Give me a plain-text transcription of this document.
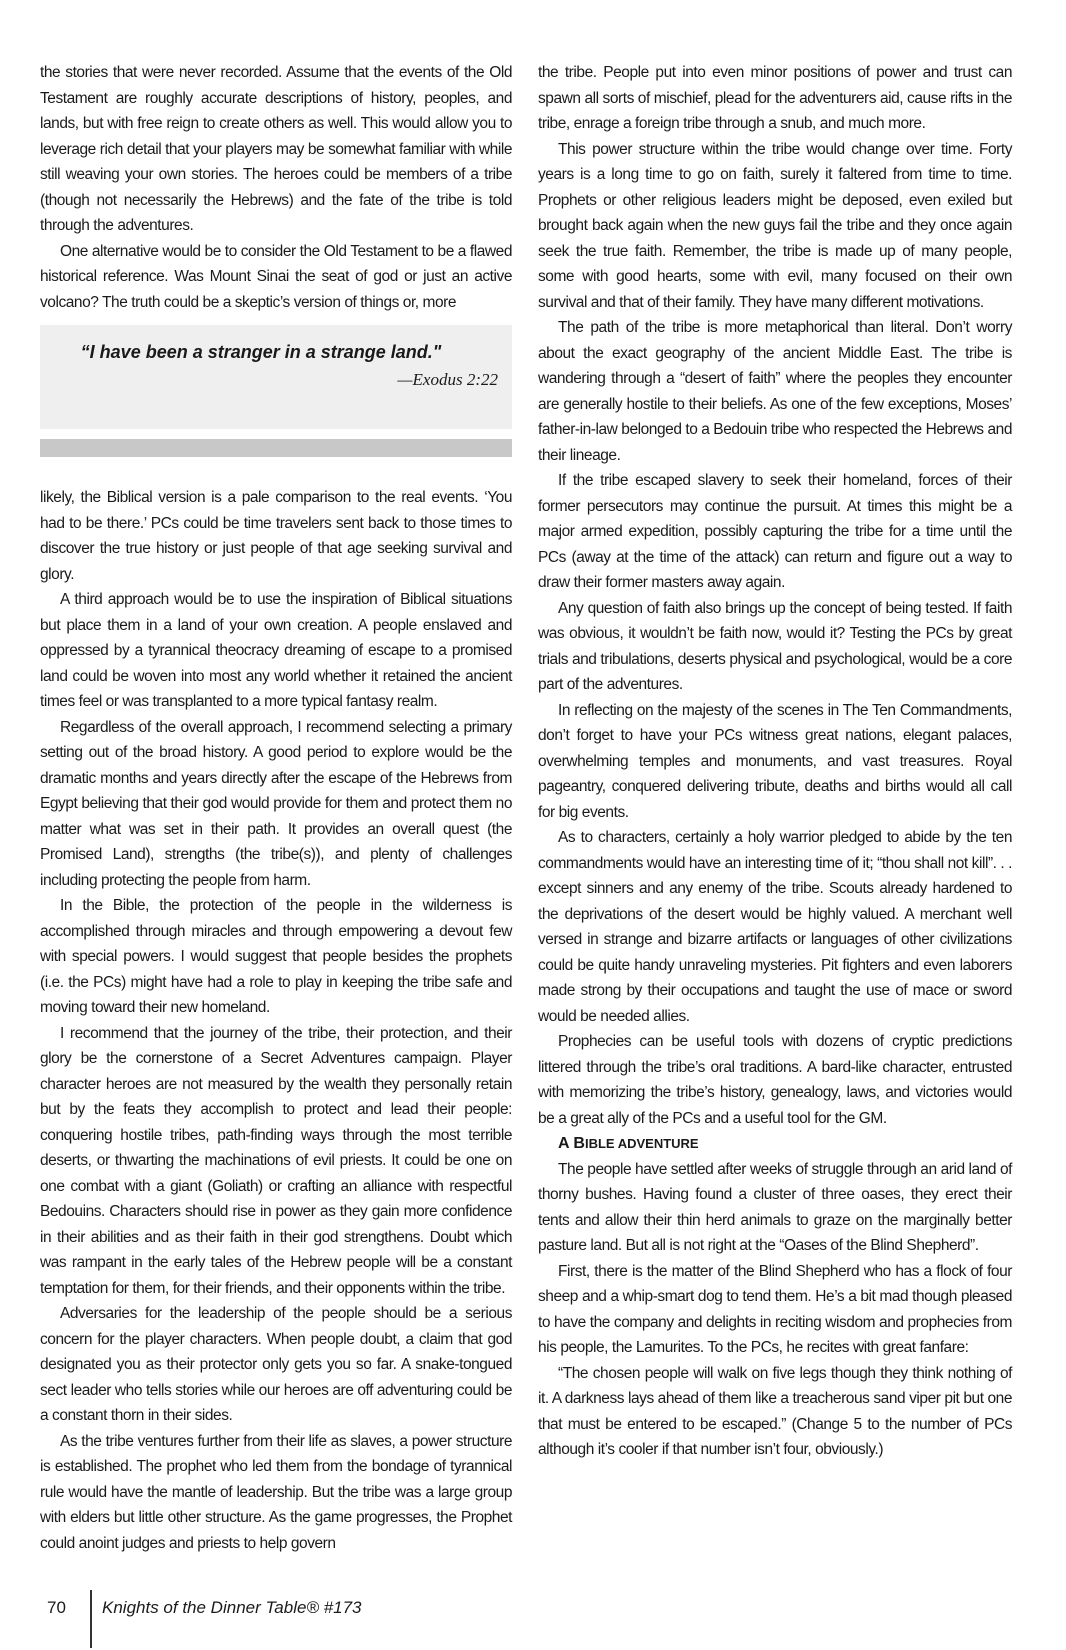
the stories that were never recorded. Assume that the events of the Old Testament are roughly accurate descriptions of history, peoples, and lands, but with free reign to create others as well. This would allow you to leverage rich detail that your players may be somewhat familiar with while still weaving your own stories. The heroes could be members of a tribe (though not necessarily the Hebrews) and the fate of the tribe is told through the adventures.

One alternative would be to consider the Old Testament to be a flawed historical reference. Was Mount Sinai the seat of god or just an active volcano? The truth could be a skeptic’s version of things or, more

“I have been a stranger in a strange land."
—Exodus 2:22

likely, the Biblical version is a pale comparison to the real events. ‘You had to be there.’ PCs could be time travelers sent back to those times to discover the true history or just people of that age seeking survival and glory.

A third approach would be to use the inspiration of Biblical situations but place them in a land of your own creation. A people enslaved and oppressed by a tyrannical theocracy dreaming of escape to a promised land could be woven into most any world whether it retained the ancient times feel or was transplanted to a more typical fantasy realm.

Regardless of the overall approach, I recommend selecting a primary setting out of the broad history. A good period to explore would be the dramatic months and years directly after the escape of the Hebrews from Egypt believing that their god would provide for them and protect them no matter what was set in their path. It provides an overall quest (the Promised Land), strengths (the tribe(s)), and plenty of challenges including protecting the people from harm.

In the Bible, the protection of the people in the wilderness is accomplished through miracles and through empowering a devout few with special powers. I would suggest that people besides the prophets (i.e. the PCs) might have had a role to play in keeping the tribe safe and moving toward their new homeland.

I recommend that the journey of the tribe, their protection, and their glory be the cornerstone of a Secret Adventures campaign. Player character heroes are not measured by the wealth they personally retain but by the feats they accomplish to protect and lead their people: conquering hostile tribes, path-finding ways through the most terrible deserts, or thwarting the machinations of evil priests. It could be one on one combat with a giant (Goliath) or crafting an alliance with respectful Bedouins. Characters should rise in power as they gain more confidence in their abilities and as their faith in their god strengthens. Doubt which was rampant in the early tales of the Hebrew people will be a constant temptation for them, for their friends, and their opponents within the tribe.

Adversaries for the leadership of the people should be a serious concern for the player characters. When people doubt, a claim that god designated you as their protector only gets you so far. A snake-tongued sect leader who tells stories while our heroes are off adventuring could be a constant thorn in their sides.

As the tribe ventures further from their life as slaves, a power structure is established. The prophet who led them from the bondage of tyrannical rule would have the mantle of leadership. But the tribe was a large group with elders but little other structure. As the game progresses, the Prophet could anoint judges and priests to help govern

the tribe. People put into even minor positions of power and trust can spawn all sorts of mischief, plead for the adventurers aid, cause rifts in the tribe, enrage a foreign tribe through a snub, and much more.

This power structure within the tribe would change over time. Forty years is a long time to go on faith, surely it faltered from time to time. Prophets or other religious leaders might be deposed, even exiled but brought back again when the new guys fail the tribe and they once again seek the true faith. Remember, the tribe is made up of many people, some with good hearts, some with evil, many focused on their own survival and that of their family. They have many different motivations.

The path of the tribe is more metaphorical than literal. Don’t worry about the exact geography of the ancient Middle East. The tribe is wandering through a “desert of faith” where the peoples they encounter are generally hostile to their beliefs. As one of the few exceptions, Moses’ father-in-law belonged to a Bedouin tribe who respected the Hebrews and their lineage.

If the tribe escaped slavery to seek their homeland, forces of their former persecutors may continue the pursuit. At times this might be a major armed expedition, possibly capturing the tribe for a time until the PCs (away at the time of the attack) can return and figure out a way to draw their former masters away again.

Any question of faith also brings up the concept of being tested. If faith was obvious, it wouldn’t be faith now, would it? Testing the PCs by great trials and tribulations, deserts physical and psychological, would be a core part of the adventures.

In reflecting on the majesty of the scenes in The Ten Commandments, don’t forget to have your PCs witness great nations, elegant palaces, overwhelming temples and monuments, and vast treasures. Royal pageantry, conquered delivering tribute, deaths and births would all call for big events.

As to characters, certainly a holy warrior pledged to abide by the ten commandments would have an interesting time of it; “thou shall not kill”. . . except sinners and any enemy of the tribe. Scouts already hardened to the deprivations of the desert would be highly valued. A merchant well versed in strange and bizarre artifacts or languages of other civilizations could be quite handy unraveling mysteries. Pit fighters and even laborers made strong by their occupations and taught the use of mace or sword would be needed allies.

Prophecies can be useful tools with dozens of cryptic predictions littered through the tribe’s oral traditions. A bard-like character, entrusted with memorizing the tribe’s history, genealogy, laws, and victories would be a great ally of the PCs and a useful tool for the GM.

A BIBLE ADVENTURE

The people have settled after weeks of struggle through an arid land of thorny bushes. Having found a cluster of three oases, they erect their tents and allow their thin herd animals to graze on the marginally better pasture land. But all is not right at the “Oases of the Blind Shepherd”.

First, there is the matter of the Blind Shepherd who has a flock of four sheep and a whip-smart dog to tend them. He’s a bit mad though pleased to have the company and delights in reciting wisdom and prophecies from his people, the Lamurites. To the PCs, he recites with great fanfare:

“The chosen people will walk on five legs though they think nothing of it. A darkness lays ahead of them like a treacherous sand viper pit but one that must be entered to be escaped.” (Change 5 to the number of PCs although it’s cooler if that number isn’t four, obviously.)

70 Knights of the Dinner Table® #173
